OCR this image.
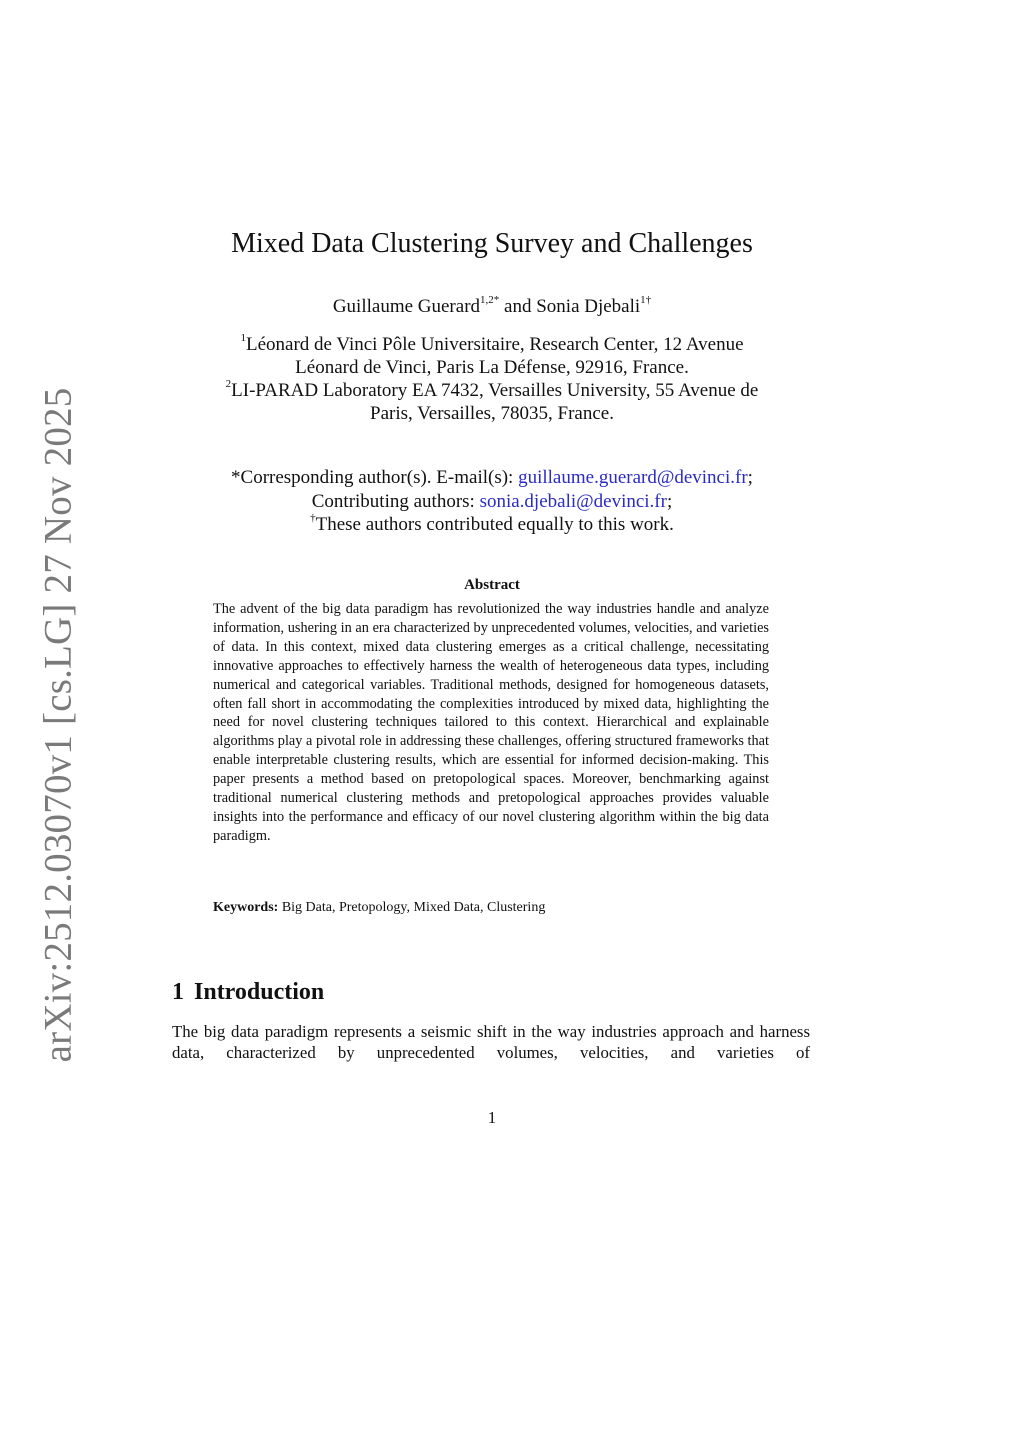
arXiv:2512.03070v1 [cs.LG] 27 Nov 2025
Mixed Data Clustering Survey and Challenges
Guillaume Guerard$^{1,2*}$ and Sonia Djebali$^{1\dagger}$
$^1$Léonard de Vinci Pôle Universitaire, Research Center, 12 Avenue
Léonard de Vinci, Paris La Défense, 92916, France.
$^2$LI-PARAD Laboratory EA 7432, Versailles University, 55 Avenue de
Paris, Versailles, 78035, France.
*Corresponding author(s). E-mail(s): guillaume.guerard@devinci.fr;
Contributing authors: sonia.djebali@devinci.fr;
†These authors contributed equally to this work.
Abstract
The advent of the big data paradigm has revolutionized the way industries handle and analyze information, ushering in an era characterized by unprecedented volumes, velocities, and varieties of data. In this context, mixed data clustering emerges as a critical challenge, necessitating innovative approaches to effectively harness the wealth of heterogeneous data types, including numerical and categorical variables. Traditional methods, designed for homogeneous datasets, often fall short in accommodating the complexities introduced by mixed data, highlighting the need for novel clustering techniques tailored to this context. Hierarchical and explainable algorithms play a pivotal role in addressing these challenges, offering structured frameworks that enable interpretable clustering results, which are essential for informed decision-making. This paper presents a method based on pretopological spaces. Moreover, benchmarking against traditional numerical clustering methods and pretopological approaches provides valuable insights into the performance and efficacy of our novel clustering algorithm within the big data paradigm.
Keywords: Big Data, Pretopology, Mixed Data, Clustering
1 Introduction
The big data paradigm represents a seismic shift in the way industries approach and harness data, characterized by unprecedented volumes, velocities, and varieties of
1
